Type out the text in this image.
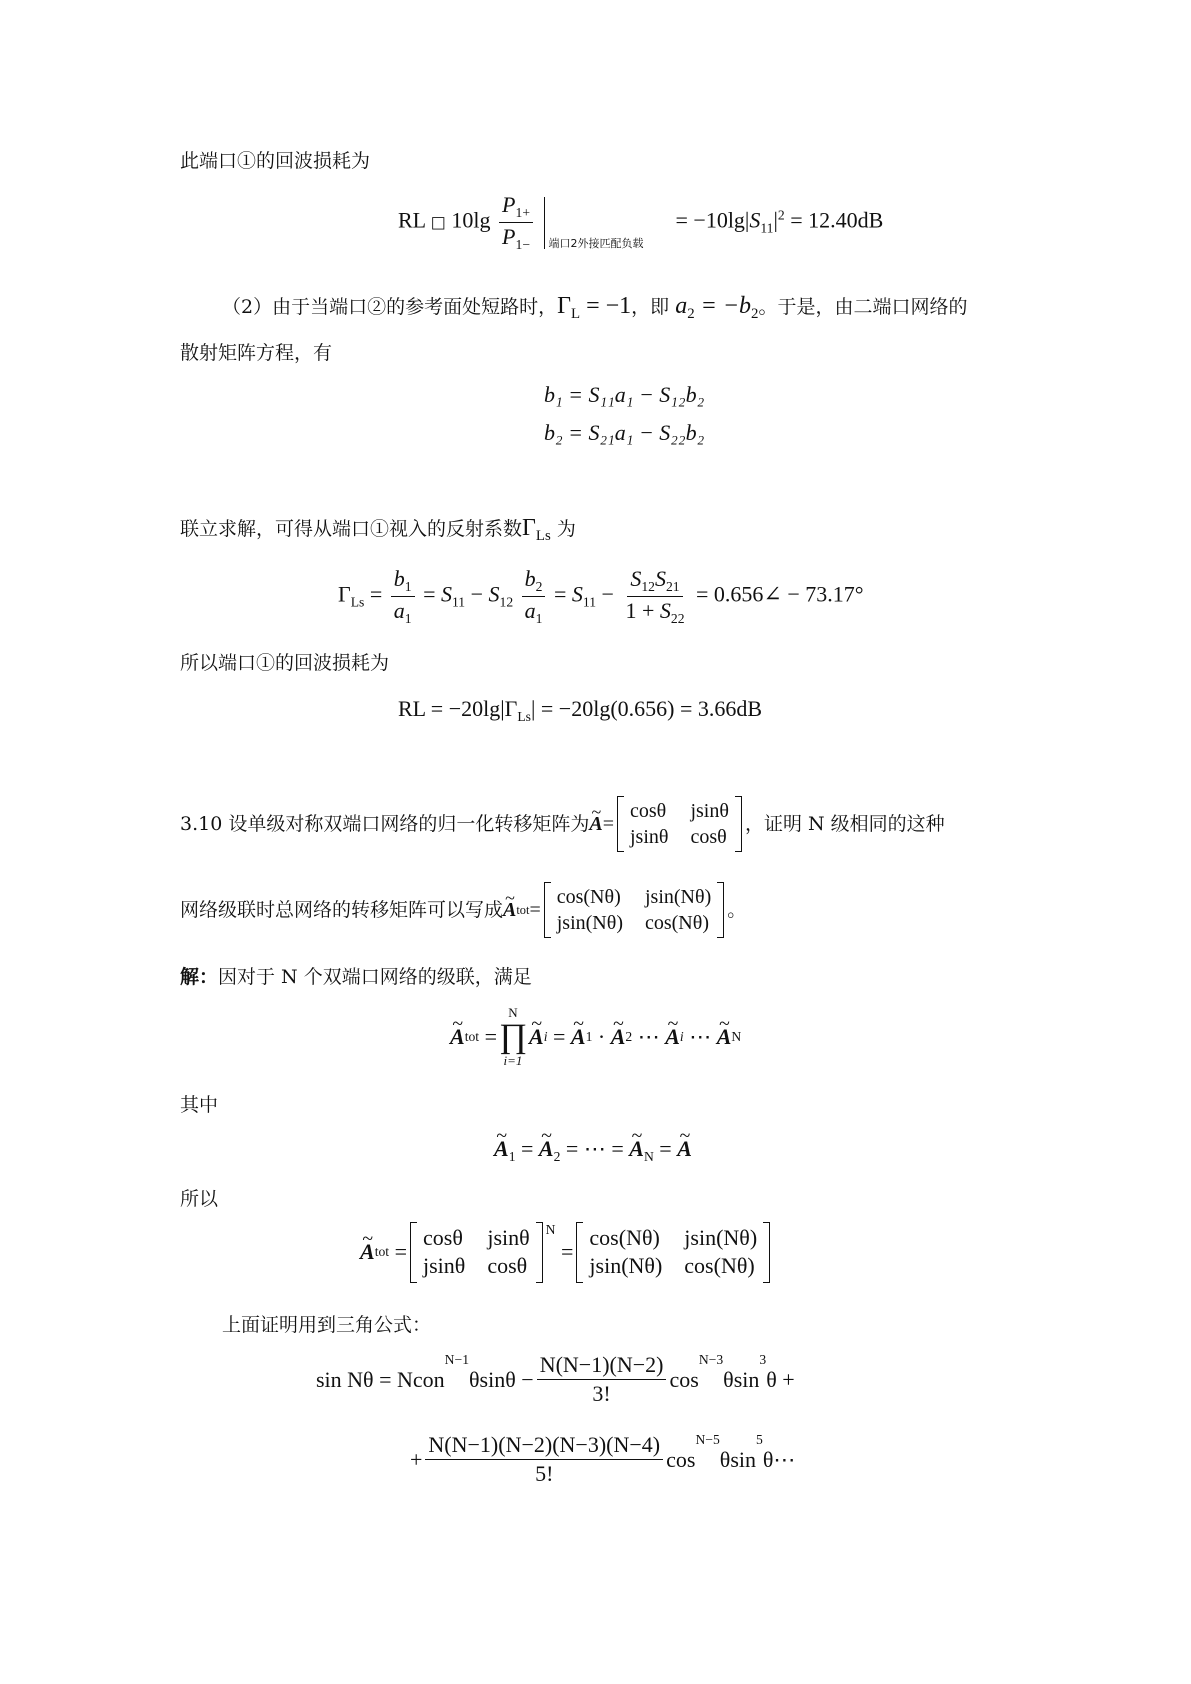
此端口①的回波损耗为
RL □ $10\lg \frac{P_{1+}}{P_{1-}}$
端口2外接匹配负载
= $-10\lg|S_{11}|^2 = 12.40dB$
（2）由于当端口②的参考面处短路时，$\Gamma_L = -1$，即 $a_2 = -b_2$。于是，由二端口网络的
散射矩阵方程，有
b₁ = S₁₁a₁ − S₁₂b₂
b₂ = S₂₁a₁ − S₂₂b₂
联立求解，可得从端口①视入的反射系数$\Gamma_{Ls}$ 为
$\Gamma_{Ls} = \frac{b_1}{a_1} = S_{11} - S_{12} \frac{b_2}{a_1} = S_{11} - \frac{S_{12}S_{21}}{1 + S_{22}}$ = 0.656∠ − 73.17°
所以端口①的回波损耗为
RL = $-20\lg|\Gamma_{Ls}| = -20\lg(0.656) = 3.66dB$
3.10 设单级对称双端口网络的归一化转移矩阵为 ~ A =
cosθ jsinθ
jsinθ cosθ
，证明 N 级相同的这种
网络级联时总网络的转移矩阵可以写成 ~ A tot =
cos(Nθ) jsin(Nθ)
jsin(Nθ) cos(Nθ)
。
解：因对于 N 个双端口网络的级联，满足
~ A tot =
N
∏
i=1
~ A i = ~ A 1 · ~ A 2 ⋯ ~ A i ⋯ ~ A N
其中
~ $A_1$ = ~ $A_2$ = ⋯ = ~ $A_N$ = ~ A
所以
~ A tot =
cosθ jsinθ
jsinθ cosθ
$^N$
=
cos(Nθ) jsin(Nθ)
jsin(Nθ) cos(Nθ)
上面证明用到三角公式：
sin Nθ = Ncon
$^{N-1}$
$\theta\sin\theta - \frac{N(N-1)(N-2)}{3!}$ cos
$^{N-3}$
θsin
$^3$
θ +
+ $\frac{N(N-1)(N-2)(N-3)(N-4)}{5!}$ cos
$^{N-5}$
θsin
$^5$
θ⋯
